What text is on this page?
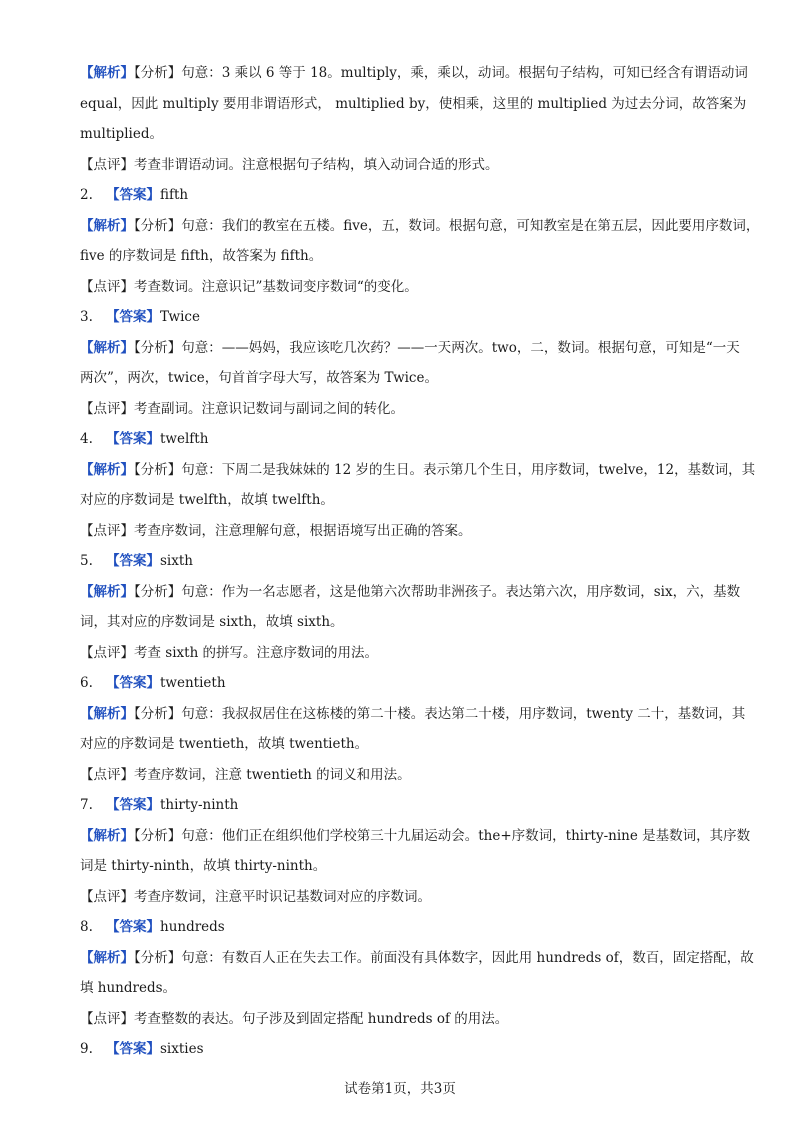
【解析】【分析】句意：3 乘以 6 等于 18。multiply，乘，乘以，动词。根据句子结构，可知已经含有谓语动词
equal，因此 multiply 要用非谓语形式， multiplied by，使相乘，这里的 multiplied 为过去分词，故答案为
multiplied。
【点评】考查非谓语动词。注意根据句子结构，填入动词合适的形式。
2. 【答案】fifth
【解析】【分析】句意：我们的教室在五楼。five，五，数词。根据句意，可知教室是在第五层，因此要用序数词，
five 的序数词是 fifth，故答案为 fifth。
【点评】考查数词。注意识记”基数词变序数词“的变化。
3. 【答案】Twice
【解析】【分析】句意：——妈妈，我应该吃几次药？——一天两次。two，二，数词。根据句意，可知是“一天
两次”，两次，twice，句首首字母大写，故答案为 Twice。
【点评】考查副词。注意识记数词与副词之间的转化。
4. 【答案】twelfth
【解析】【分析】句意：下周二是我妹妹的 12 岁的生日。表示第几个生日，用序数词，twelve，12，基数词，其
对应的序数词是 twelfth，故填 twelfth。
【点评】考查序数词，注意理解句意，根据语境写出正确的答案。
5. 【答案】sixth
【解析】【分析】句意：作为一名志愿者，这是他第六次帮助非洲孩子。表达第六次，用序数词，six，六，基数
词，其对应的序数词是 sixth，故填 sixth。
【点评】考查 sixth 的拼写。注意序数词的用法。
6. 【答案】twentieth
【解析】【分析】句意：我叔叔居住在这栋楼的第二十楼。表达第二十楼，用序数词，twenty 二十，基数词，其
对应的序数词是 twentieth，故填 twentieth。
【点评】考查序数词，注意 twentieth 的词义和用法。
7. 【答案】thirty-ninth
【解析】【分析】句意：他们正在组织他们学校第三十九届运动会。the+序数词，thirty-nine 是基数词，其序数
词是 thirty-ninth，故填 thirty-ninth。
【点评】考查序数词，注意平时识记基数词对应的序数词。
8. 【答案】hundreds
【解析】【分析】句意：有数百人正在失去工作。前面没有具体数字，因此用 hundreds of，数百，固定搭配，故
填 hundreds。
【点评】考查整数的表达。句子涉及到固定搭配 hundreds of 的用法。
9. 【答案】sixties
试卷第1页，共3页
